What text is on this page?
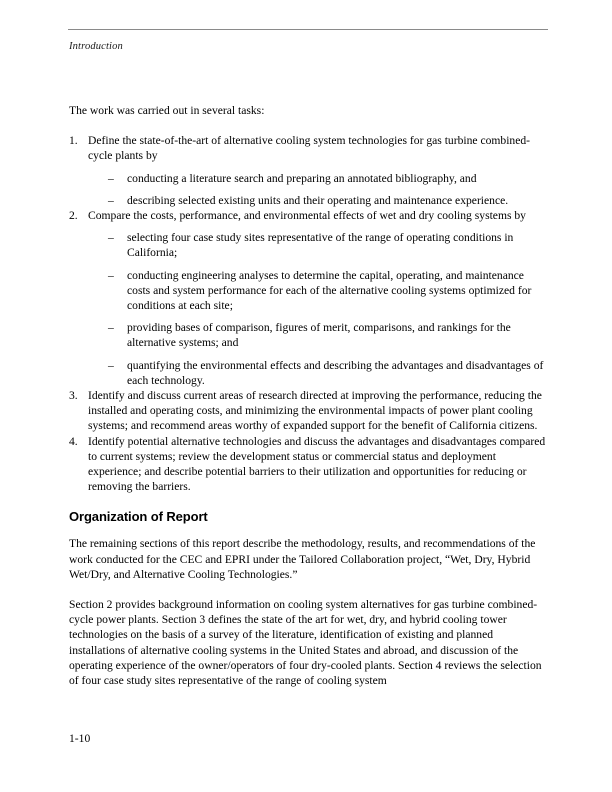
Introduction

The work was carried out in several tasks:

1. Define the state-of-the-art of alternative cooling system technologies for gas turbine combined-cycle plants by
– conducting a literature search and preparing an annotated bibliography, and
– describing selected existing units and their operating and maintenance experience.
2. Compare the costs, performance, and environmental effects of wet and dry cooling systems by
– selecting four case study sites representative of the range of operating conditions in California;
– conducting engineering analyses to determine the capital, operating, and maintenance costs and system performance for each of the alternative cooling systems optimized for conditions at each site;
– providing bases of comparison, figures of merit, comparisons, and rankings for the alternative systems; and
– quantifying the environmental effects and describing the advantages and disadvantages of each technology.
3. Identify and discuss current areas of research directed at improving the performance, reducing the installed and operating costs, and minimizing the environmental impacts of power plant cooling systems; and recommend areas worthy of expanded support for the benefit of California citizens.
4. Identify potential alternative technologies and discuss the advantages and disadvantages compared to current systems; review the development status or commercial status and deployment experience; and describe potential barriers to their utilization and opportunities for reducing or removing the barriers.
Organization of Report

The remaining sections of this report describe the methodology, results, and recommendations of the work conducted for the CEC and EPRI under the Tailored Collaboration project, “Wet, Dry, Hybrid Wet/Dry, and Alternative Cooling Technologies.”

Section 2 provides background information on cooling system alternatives for gas turbine combined-cycle power plants. Section 3 defines the state of the art for wet, dry, and hybrid cooling tower technologies on the basis of a survey of the literature, identification of existing and planned installations of alternative cooling systems in the United States and abroad, and discussion of the operating experience of the owner/operators of four dry-cooled plants. Section 4 reviews the selection of four case study sites representative of the range of cooling system

1-10
